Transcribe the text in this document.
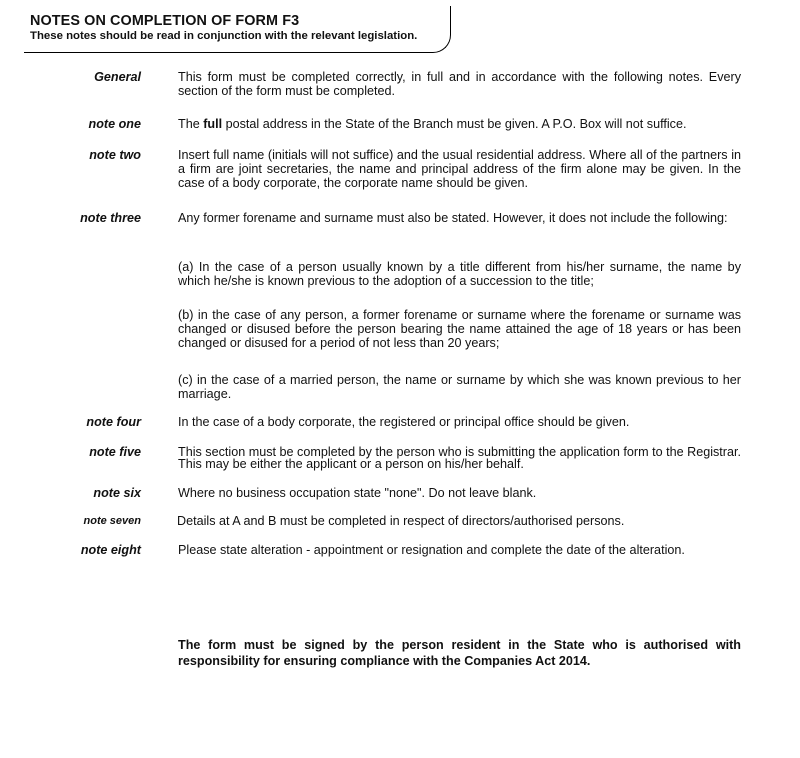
NOTES ON COMPLETION OF FORM F3
These notes should be read in conjunction with the relevant legislation.
General	This form must be completed correctly, in full and in accordance with the following notes. Every section of the form must be completed.
note one	The full postal address in the State of the Branch must be given. A P.O. Box will not suffice.
note two	Insert full name (initials will not suffice) and the usual residential address. Where all of the partners in a firm are joint secretaries, the name and principal address of the firm alone may be given. In the case of a body corporate, the corporate name should be given.
note three	Any former forename and surname must also be stated. However, it does not include the following:
(a) In the case of a person usually known by a title different from his/her surname, the name by which he/she is known previous to the adoption of a succession to the title;
(b) in the case of any person, a former forename or surname where the forename or surname was changed or disused before the person bearing the name attained the age of 18 years or has been changed or disused for a period of not less than 20 years;
(c) in the case of a married person, the name or surname by which she was known previous to her marriage.
note four	In the case of a body corporate, the registered or principal office should be given.
note five	This section must be completed by the person who is submitting the application form to the Registrar. This may be either the applicant or a person on his/her behalf.
note six	Where no business occupation state "none". Do not leave blank.
note seven	Details at A and B must be completed in respect of directors/authorised persons.
note eight	Please state alteration - appointment or resignation and complete the date of the alteration.
The form must be signed by the person resident in the State who is authorised with responsibility for ensuring compliance with the Companies Act 2014.
